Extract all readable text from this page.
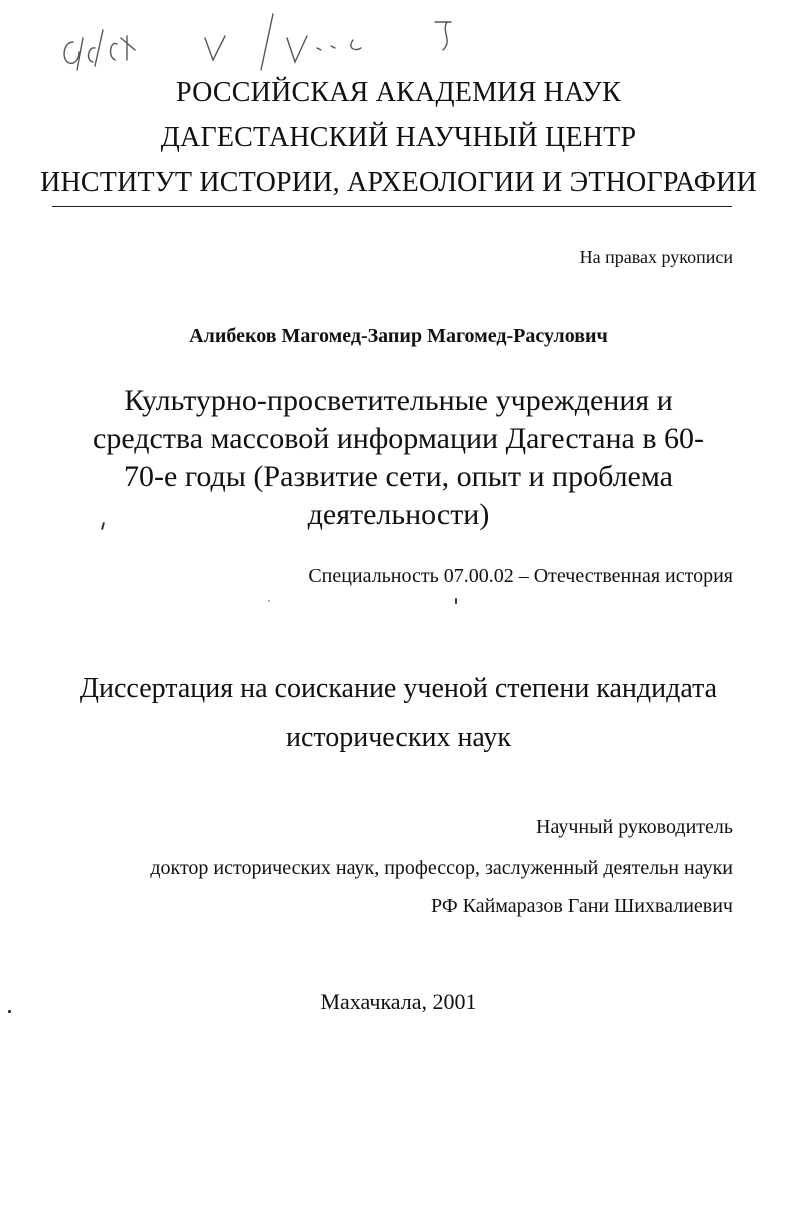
РОССИЙСКАЯ АКАДЕМИЯ НАУК
ДАГЕСТАНСКИЙ НАУЧНЫЙ ЦЕНТР
ИНСТИТУТ ИСТОРИИ, АРХЕОЛОГИИ И ЭТНОГРАФИИ
На правах рукописи
Алибеков Магомед-Запир Магомед-Расулович
Культурно-просветительные учреждения и
средства массовой информации Дагестана в 60-
70-е годы (Развитие сети, опыт и проблема
деятельности)
Специальность 07.00.02 – Отечественная история
Диссертация на соискание ученой степени кандидата
исторических наук
Научный руководитель
доктор исторических наук, профессор, заслуженный деятельн науки
РФ Каймаразов Гани Шихвалиевич
Махачкала, 2001
